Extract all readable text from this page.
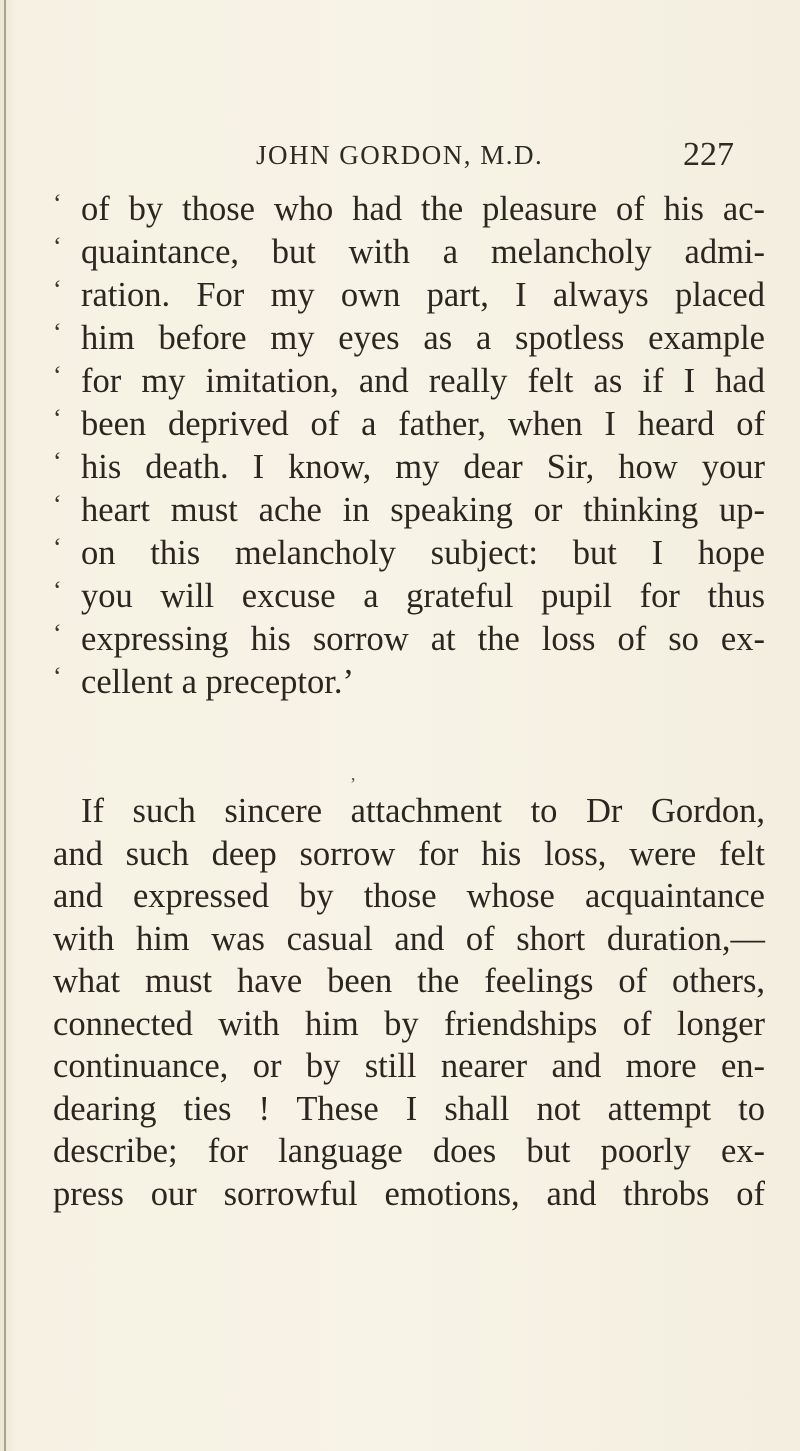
JOHN GORDON, M.D.	227
‘ of by those who had the pleasure of his ac-
‘ quaintance, but with a melancholy admi-
‘ ration. For my own part, I always placed
‘ him before my eyes as a spotless example
‘ for my imitation, and really felt as if I had
‘ been deprived of a father, when I heard of
‘ his death. I know, my dear Sir, how your
‘ heart must ache in speaking or thinking up-
‘ on this melancholy subject: but I hope
‘ you will excuse a grateful pupil for thus
‘ expressing his sorrow at the loss of so ex-
‘ cellent a preceptor.’
’
If such sincere attachment to Dr Gordon,
and such deep sorrow for his loss, were felt
and expressed by those whose acquaintance
with him was casual and of short duration,—
what must have been the feelings of others,
connected with him by friendships of longer
continuance, or by still nearer and more en-
dearing ties ! These I shall not attempt to
describe; for language does but poorly ex-
press our sorrowful emotions, and throbs of
